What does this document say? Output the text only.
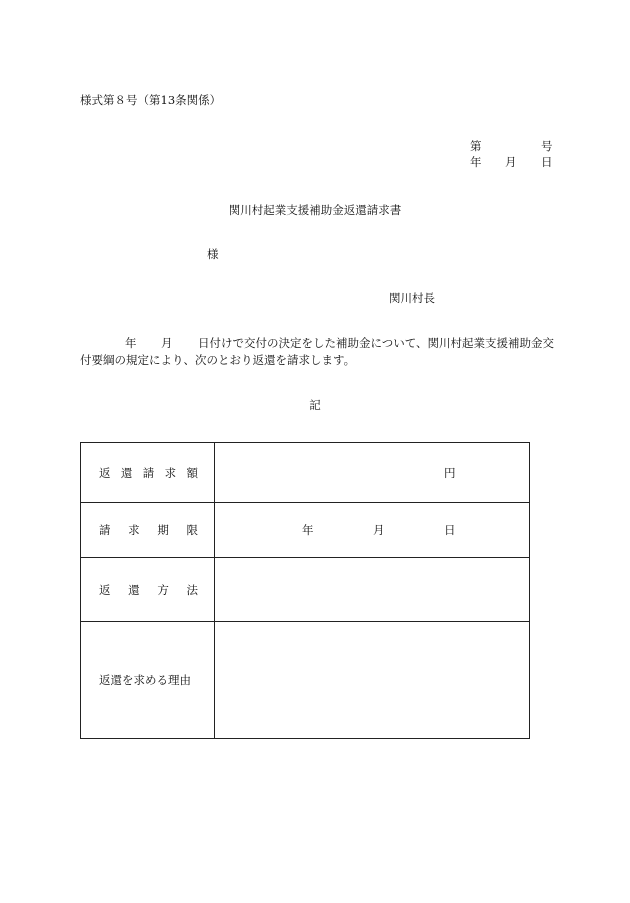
様式第８号（第13条関係）
第	号
年 月 日
関川村起業支援補助金返還請求書
様
関川村長
年 月 日付けで交付の決定をした補助金について、関川村起業支援補助金交
付要綱の規定により、次のとおり返還を請求します。
記
返 還 請 求 額	円

請 求 期 限	年 月 日

返 還 方 法	

返還を求める理由	
